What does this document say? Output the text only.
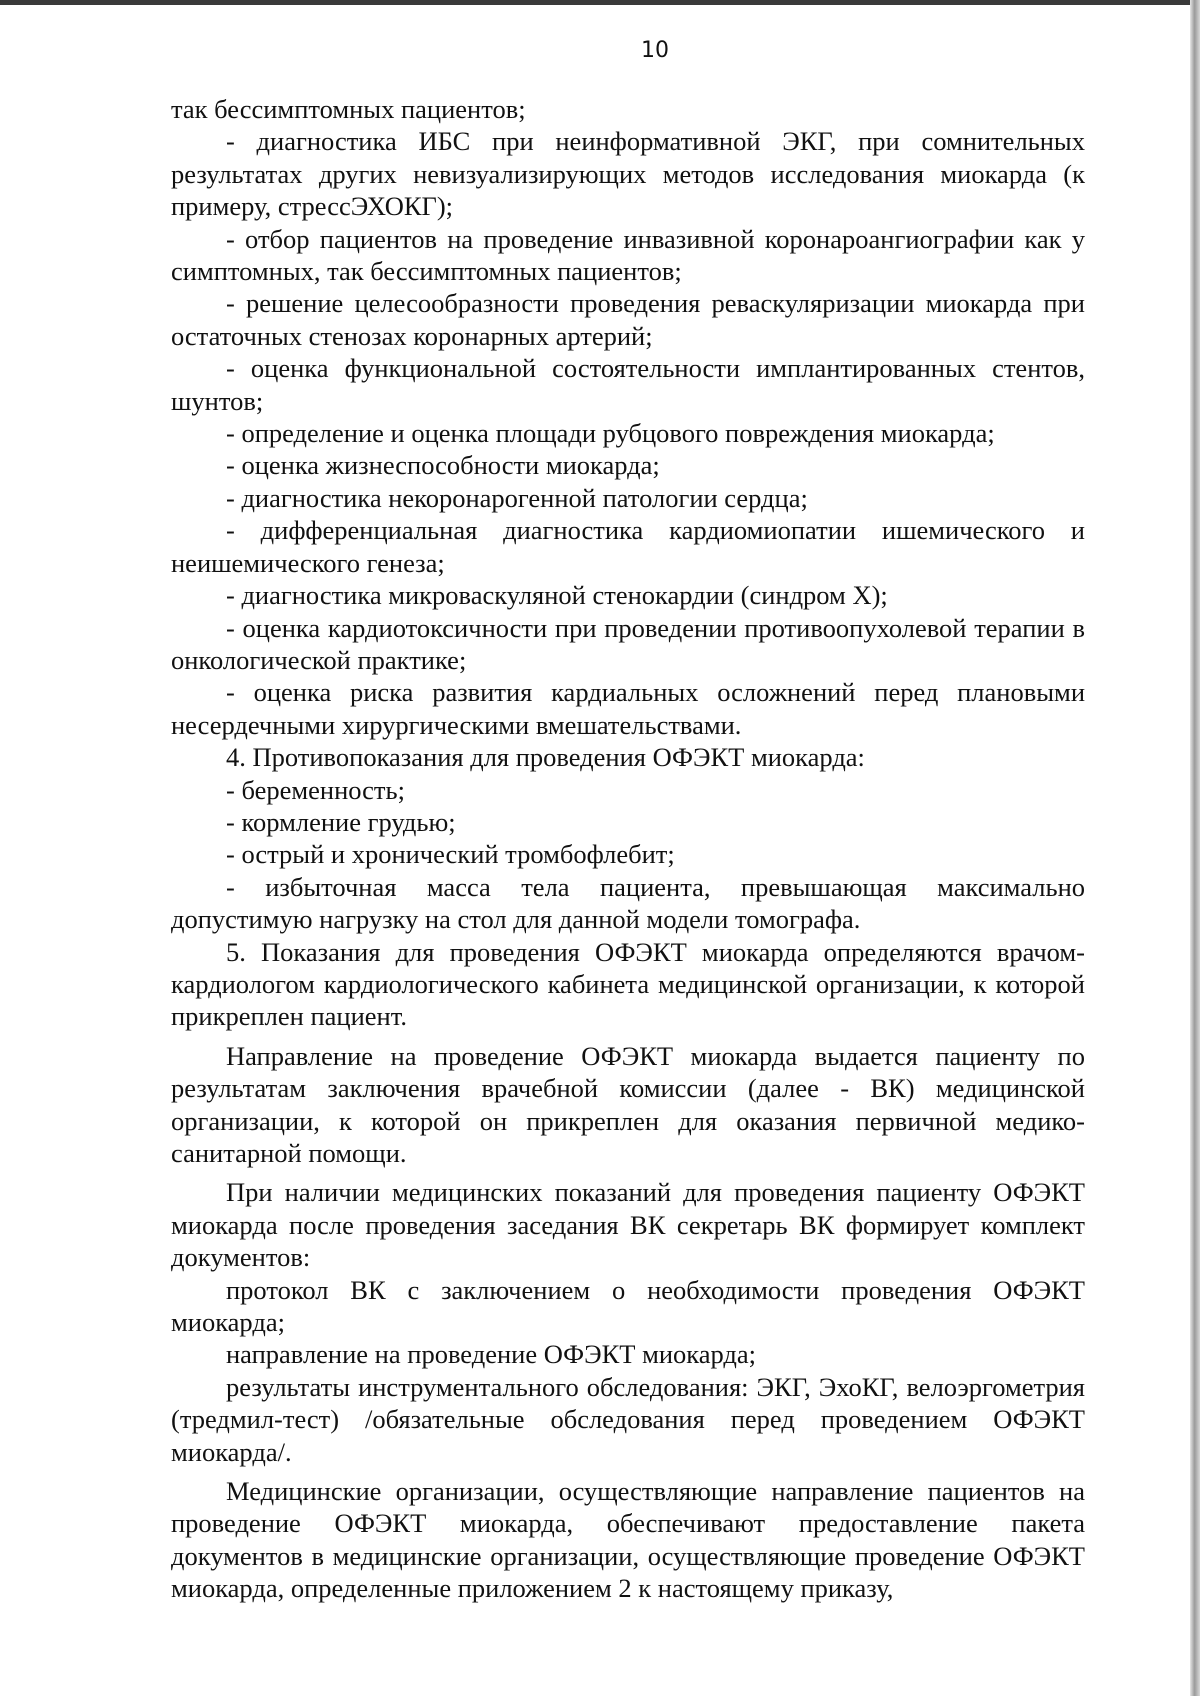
10

так бессимптомных пациентов;

- диагностика ИБС при неинформативной ЭКГ, при сомнительных результатах других невизуализирующих методов исследования миокарда (к примеру, стрессЭХОКГ);

- отбор пациентов на проведение инвазивной коронароангиографии как у симптомных, так бессимптомных пациентов;

- решение целесообразности проведения реваскуляризации миокарда при остаточных стенозах коронарных артерий;

- оценка функциональной состоятельности имплантированных стентов, шунтов;

- определение и оценка площади рубцового повреждения миокарда;

- оценка жизнеспособности миокарда;

- диагностика некоронарогенной патологии сердца;

- дифференциальная диагностика кардиомиопатии ишемического и неишемического генеза;

- диагностика микроваскуляной стенокардии (синдром X);

- оценка кардиотоксичности при проведении противоопухолевой терапии в онкологической практике;

- оценка риска развития кардиальных осложнений перед плановыми несердечными хирургическими вмешательствами.

4. Противопоказания для проведения ОФЭКТ миокарда:

- беременность;

- кормление грудью;

- острый и хронический тромбофлебит;

- избыточная масса тела пациента, превышающая максимально допустимую нагрузку на стол для данной модели томографа.

5. Показания для проведения ОФЭКТ миокарда определяются врачом-кардиологом кардиологического кабинета медицинской организации, к которой прикреплен пациент.

Направление на проведение ОФЭКТ миокарда выдается пациенту по результатам заключения врачебной комиссии (далее - ВК) медицинской организации, к которой он прикреплен для оказания первичной медико-санитарной помощи.

При наличии медицинских показаний для проведения пациенту ОФЭКТ миокарда после проведения заседания ВК секретарь ВК формирует комплект документов:

протокол ВК с заключением о необходимости проведения ОФЭКТ миокарда;

направление на проведение ОФЭКТ миокарда;

результаты инструментального обследования: ЭКГ, ЭхоКГ, велоэргометрия (тредмил-тест) /обязательные обследования перед проведением ОФЭКТ миокарда/.

Медицинские организации, осуществляющие направление пациентов на проведение ОФЭКТ миокарда, обеспечивают предоставление пакета документов в медицинские организации, осуществляющие проведение ОФЭКТ миокарда, определенные приложением 2 к настоящему приказу,
